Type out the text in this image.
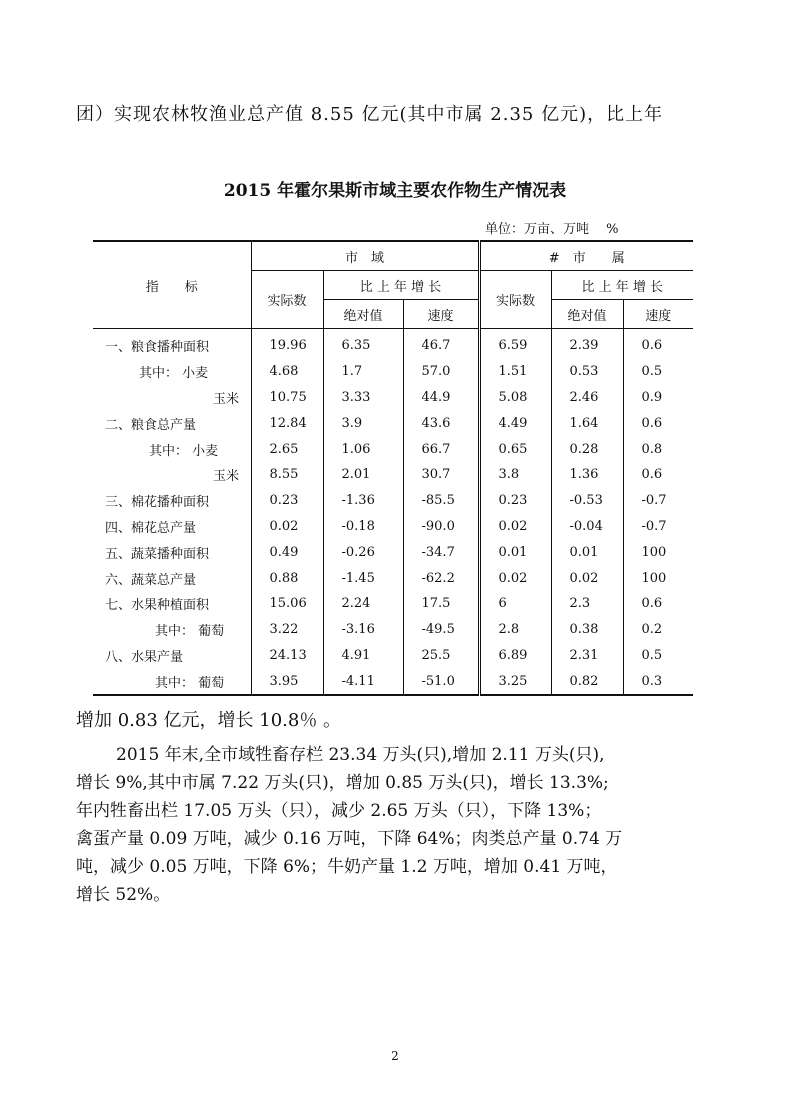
团）实现农林牧渔业总产值 8.55 亿元(其中市属 2.35 亿元)，比上年
2015 年霍尔果斯市域主要农作物生产情况表
单位：万亩、万吨　 %
指　　标	市　域			#　市　　属		
	实际数	比 上 年 增 长		实际数	比 上 年 增 长	
		绝对值	速度		绝对值	速度
一、粮食播种面积	19.96	6.35	46.7	6.59	2.39	0.6
其中： 小麦	4.68	1.7	57.0	1.51	0.53	0.5
玉米	10.75	3.33	44.9	5.08	2.46	0.9
二、粮食总产量	12.84	3.9	43.6	4.49	1.64	0.6
其中： 小麦	2.65	1.06	66.7	0.65	0.28	0.8
玉米	8.55	2.01	30.7	3.8	1.36	0.6
三、棉花播种面积	0.23	-1.36	-85.5	0.23	-0.53	-0.7
四、棉花总产量	0.02	-0.18	-90.0	0.02	-0.04	-0.7
五、蔬菜播种面积	0.49	-0.26	-34.7	0.01	0.01	100
六、蔬菜总产量	0.88	-1.45	-62.2	0.02	0.02	100
七、水果种植面积	15.06	2.24	17.5	6	2.3	0.6
其中： 葡萄	3.22	-3.16	-49.5	2.8	0.38	0.2
八、水果产量	24.13	4.91	25.5	6.89	2.31	0.5
其中： 葡萄	3.95	-4.11	-51.0	3.25	0.82	0.3
增加 0.83 亿元，增长 10.8％ 。
2015 年末,全市域牲畜存栏 23.34 万头(只),增加 2.11 万头(只),
增长 9%,其中市属 7.22 万头(只)，增加 0.85 万头(只)，增长 13.3%;
年内牲畜出栏 17.05 万头（只），减少 2.65 万头（只），下降 13%；
禽蛋产量 0.09 万吨，减少 0.16 万吨，下降 64%；肉类总产量 0.74 万
吨，减少 0.05 万吨，下降 6%；牛奶产量 1.2 万吨，增加 0.41 万吨，
增长 52%。
2
